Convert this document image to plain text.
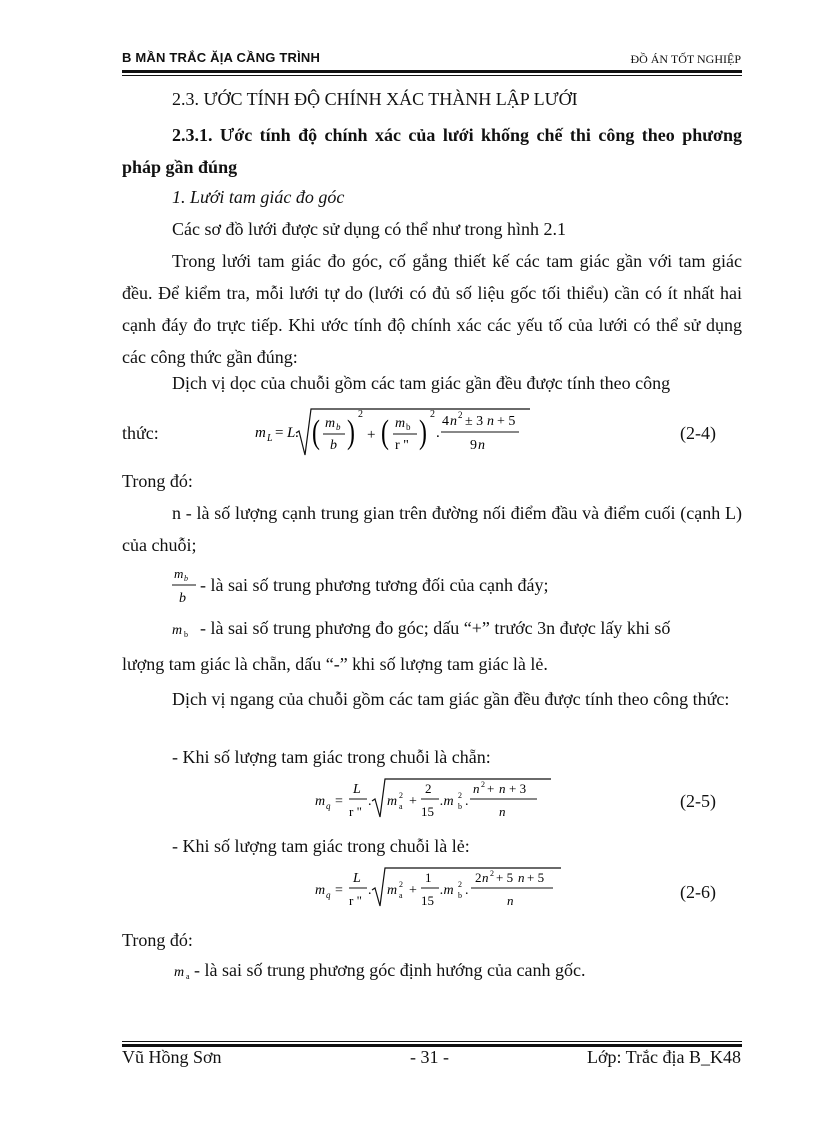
B MẦN TRẮC ĂỊA CẦNG TRÌNH	ĐỒ ÁN TỐT NGHIỆP
2.3. ƯỚC TÍNH ĐỘ CHÍNH XÁC THÀNH LẬP LƯỚI
2.3.1. Ước tính độ chính xác của lưới khống chế thi công theo phương pháp gần đúng
1. Lưới tam giác đo góc
Các sơ đồ lưới được sử dụng có thể như trong hình 2.1
Trong lưới tam giác đo góc, cố gắng thiết kế các tam giác gần với tam giác đều. Để kiểm tra, mỗi lưới tự do (lưới có đủ số liệu gốc tối thiểu) cần có ít nhất hai cạnh đáy đo trực tiếp. Khi ước tính độ chính xác các yếu tố của lưới có thể sử dụng các công thức gần đúng:
Dịch vị dọc của chuỗi gồm các tam giác gần đều được tính theo công
thức:	m L = L. ( m b
b ) 2
+ ( m b
r " ) 2
.
4 n 2 ± 3 n + 5
9 n
(2-4)
Trong đó:
n - là số lượng cạnh trung gian trên đường nối điểm đầu và điểm cuối (cạnh L) của chuỗi;
m b
b
- là sai số trung phương tương đối của cạnh đáy;
m b - là sai số trung phương đo góc; dấu “+” trước 3n được lấy khi số
lượng tam giác là chẵn, dấu “-” khi số lượng tam giác là lẻ.
Dịch vị ngang của chuỗi gồm các tam giác gần đều được tính theo công thức:
- Khi số lượng tam giác trong chuỗi là chẵn:
m q =
L
r "
. m 2
a +
2
15
.m 2
b .
n 2 + n + 3
n
(2-5)
- Khi số lượng tam giác trong chuỗi là lẻ:
m q =
L
r "
. m 2
a +
1
15
.m 2
b .
2 n 2 + 5 n + 5
n	(2-6)
Trong đó:
m a - là sai số trung phương góc định hướng của canh gốc.
Vũ Hồng Sơn	- 31 -	Lớp: Trắc địa B_K48
